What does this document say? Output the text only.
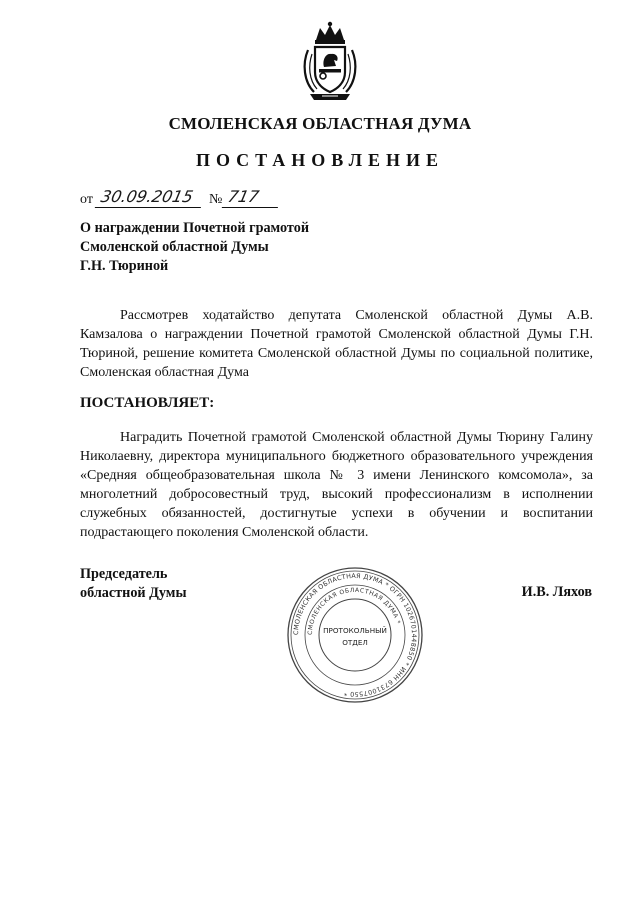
СМОЛЕНСКАЯ ОБЛАСТНАЯ ДУМА
ПОСТАНОВЛЕНИЕ
от 30.09.2015	№ 717
О награждении Почетной грамотой
Смоленской областной Думы
Г.Н. Тюриной
Рассмотрев ходатайство депутата Смоленской областной Думы А.В. Камзалова о награждении Почетной грамотой Смоленской областной Думы Г.Н. Тюриной, решение комитета Смоленской областной Думы по социальной политике, Смоленская областная Дума
ПОСТАНОВЛЯЕТ:
Наградить Почетной грамотой Смоленской областной Думы Тюрину Галину Николаевну, директора муниципального бюджетного образовательного учреждения «Средняя общеобразовательная школа № 3 имени Ленинского комсомола», за многолетний добросовестный труд, высокий профессионализм в исполнении служебных обязанностей, достигнутые успехи в обучении и воспитании подрастающего поколения Смоленской области.
Председатель
областной Думы	И.В. Ляхов
СМОЛЕНСКАЯ ОБЛАСТНАЯ ДУМА * ОГРН 1026701448850 * ИНН 6731007550 *
СМОЛЕНСКАЯ ОБЛАСТНАЯ ДУМА *
ПРОТОКОЛЬНЫЙ
ОТДЕЛ
